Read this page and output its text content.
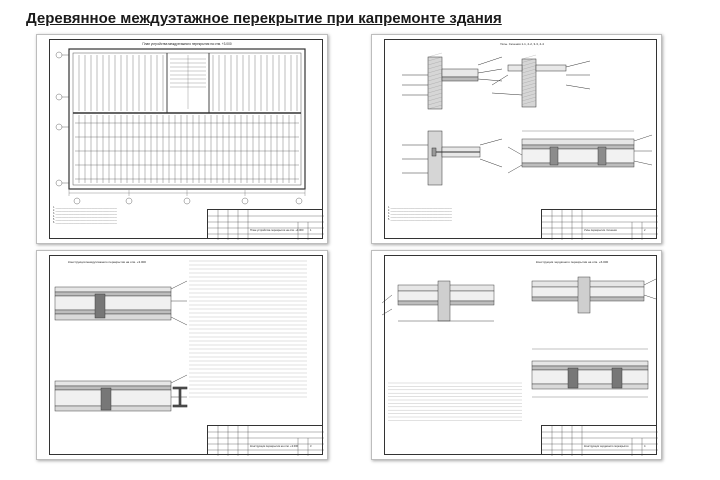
Деревянное междуэтажное перекрытие при капремонте здания
План устройства междуэтажного перекрытия на отм. +3.000
1. ________________________________________________
2. ________________________________________________
3. ________________________________________________
4. ________________________________________________
5. ________________________________________________
6. ________________________________________________
План устройства перекрытия на отм. +3.000	1
Узлы. Сечения 1-1, 2-2, 3-3, 4-4
1. ________________________________________________
2. ________________________________________________
3. ________________________________________________
4. ________________________________________________
5. ________________________________________________
Узлы перекрытия. Сечения	2
Конструкция междуэтажного перекрытия на отм. +3.000
Конструкция перекрытия на отм. +3.000	3
Конструкция чердачного перекрытия на отм. +6.000
Конструкция чердачного перекрытия	4
